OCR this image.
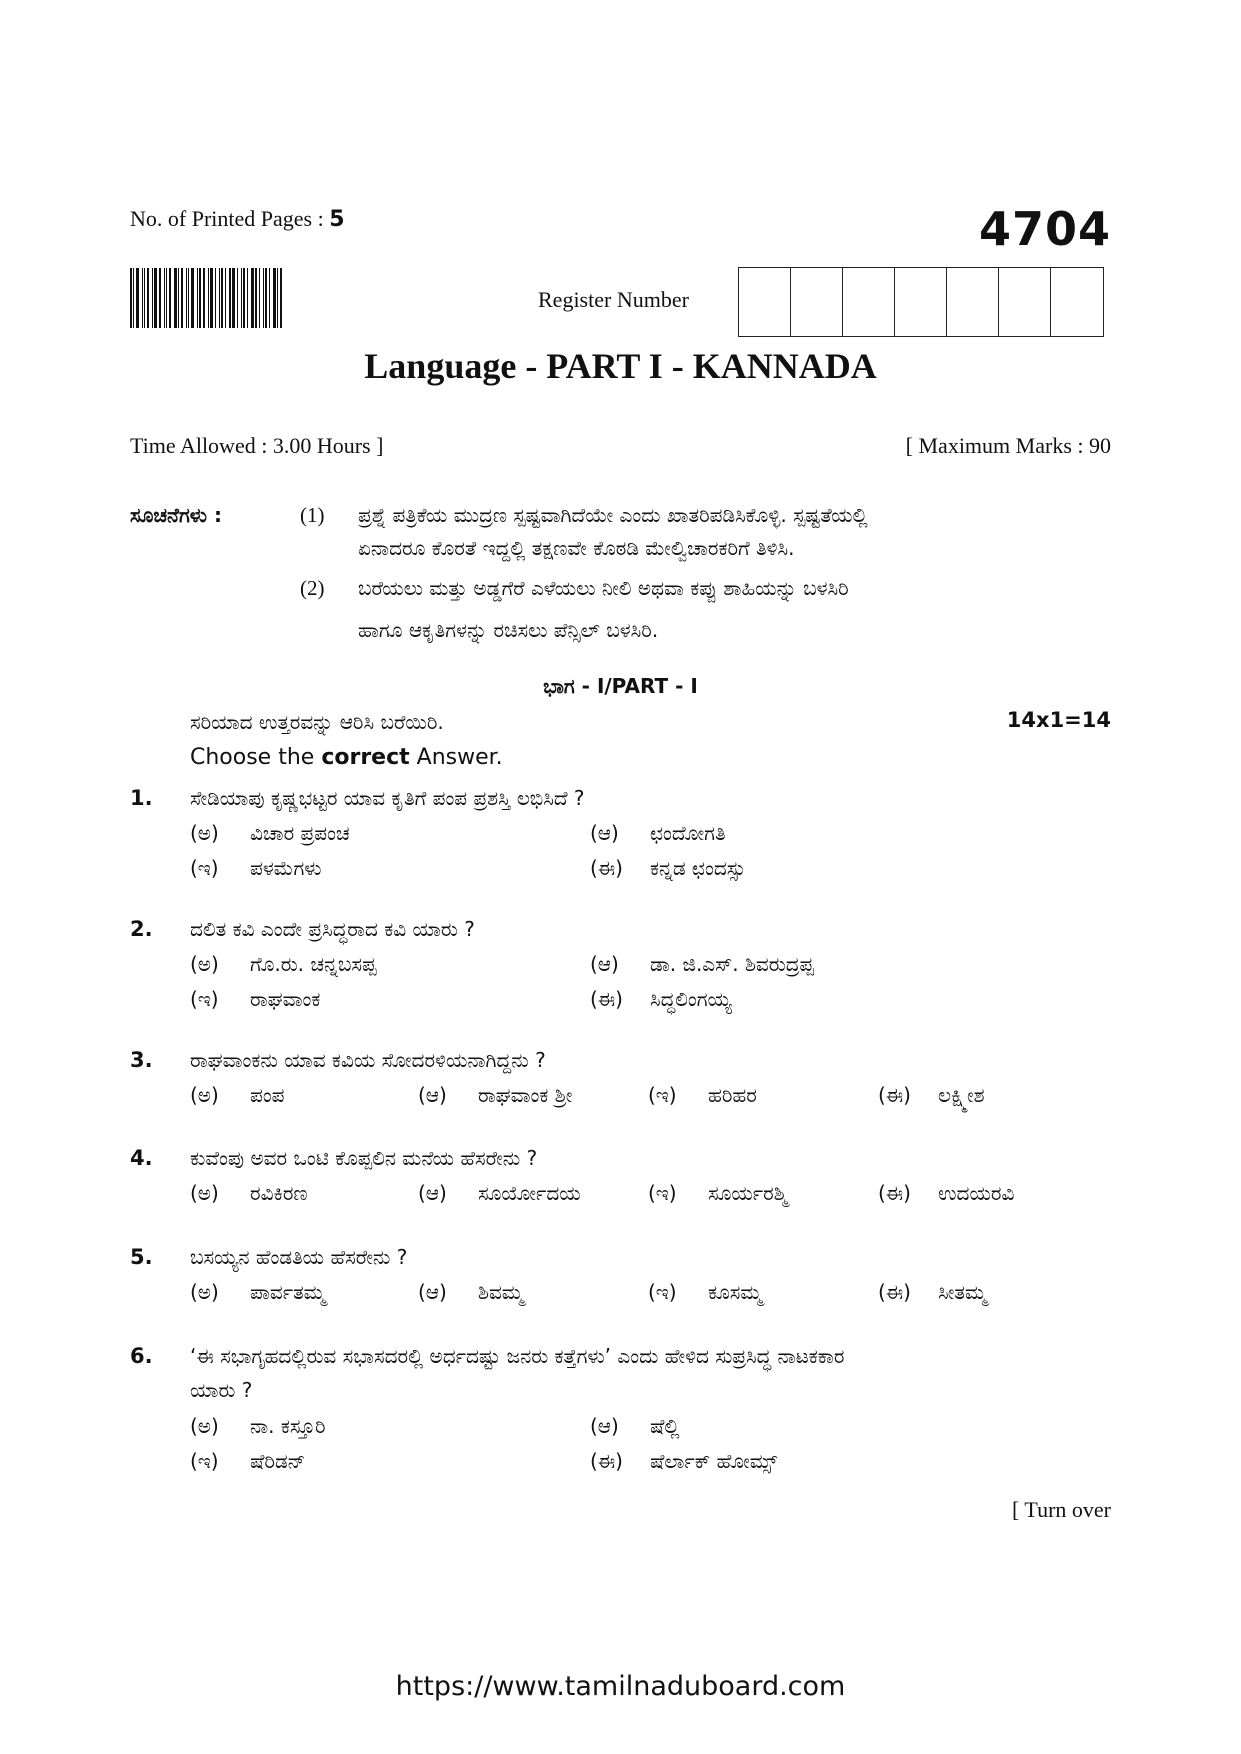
No. of Printed Pages : 5	4704
Register Number
Language - PART I - KANNADA
Time Allowed : 3.00 Hours ]	[ Maximum Marks : 90
ಸೂಚನೆಗಳು :	(1) ಪ್ರಶ್ನೆ ಪತ್ರಿಕೆಯ ಮುದ್ರಣ ಸ್ಪಷ್ಟವಾಗಿದೆಯೇ ಎಂದು ಖಾತರಿಪಡಿಸಿಕೊಳ್ಳಿ. ಸ್ಪಷ್ಟತೆಯಲ್ಲಿ
ಏನಾದರೂ ಕೊರತೆ ಇದ್ದಲ್ಲಿ ತಕ್ಷಣವೇ ಕೊಠಡಿ ಮೇಲ್ವಿಚಾರಕರಿಗೆ ತಿಳಿಸಿ.
(2) ಬರೆಯಲು ಮತ್ತು ಅಡ್ಡಗೆರೆ ಎಳೆಯಲು ನೀಲಿ ಅಥವಾ ಕಪ್ಪು ಶಾಹಿಯನ್ನು ಬಳಸಿರಿ
ಹಾಗೂ ಆಕೃತಿಗಳನ್ನು ರಚಿಸಲು ಪೆನ್ಸಿಲ್ ಬಳಸಿರಿ.
ಭಾಗ - I/PART - I
ಸರಿಯಾದ ಉತ್ತರವನ್ನು ಆರಿಸಿ ಬರೆಯಿರಿ.	14x1=14
Choose the correct Answer.
1. ಸೇಡಿಯಾಪು ಕೃಷ್ಣಭಟ್ಟರ ಯಾವ ಕೃತಿಗೆ ಪಂಪ ಪ್ರಶಸ್ತಿ ಲಭಿಸಿದೆ ?
(ಅ)	ವಿಚಾರ ಪ್ರಪಂಚ	(ಆ)	ಛಂದೋಗತಿ
(ಇ)	ಪಳಮೆಗಳು	(ಈ)	ಕನ್ನಡ ಛಂದಸ್ಸು
2. ದಲಿತ ಕವಿ ಎಂದೇ ಪ್ರಸಿದ್ಧರಾದ ಕವಿ ಯಾರು ?
(ಅ)	ಗೊ.ರು. ಚನ್ನಬಸಪ್ಪ	(ಆ)	ಡಾ. ಜಿ.ಎಸ್. ಶಿವರುದ್ರಪ್ಪ
(ಇ)	ರಾಘವಾಂಕ	(ಈ)	ಸಿದ್ಧಲಿಂಗಯ್ಯ
3. ರಾಘವಾಂಕನು ಯಾವ ಕವಿಯ ಸೋದರಳಿಯನಾಗಿದ್ದನು ?
(ಅ)	ಪಂಪ	(ಆ)	ರಾಘವಾಂಕ ಶ್ರೀ	(ಇ)	ಹರಿಹರ	(ಈ)	ಲಕ್ಷ್ಮೀಶ
4. ಕುವೆಂಪು ಅವರ ಒಂಟಿ ಕೊಪ್ಪಲಿನ ಮನೆಯ ಹೆಸರೇನು ?
(ಅ)	ರವಿಕಿರಣ	(ಆ)	ಸೂರ್ಯೋದಯ	(ಇ)	ಸೂರ್ಯರಶ್ಮಿ	(ಈ)	ಉದಯರವಿ
5. ಬಸಯ್ಯನ ಹೆಂಡತಿಯ ಹೆಸರೇನು ?
(ಅ)	ಪಾರ್ವತಮ್ಮ	(ಆ)	ಶಿವಮ್ಮ	(ಇ)	ಕೂಸಮ್ಮ	(ಈ)	ಸೀತಮ್ಮ
6. ‘ಈ ಸಭಾಗೃಹದಲ್ಲಿರುವ ಸಭಾಸದರಲ್ಲಿ ಅರ್ಧದಷ್ಟು ಜನರು ಕತ್ತೆಗಳು’ ಎಂದು ಹೇಳಿದ ಸುಪ್ರಸಿದ್ಧ ನಾಟಕಕಾರ
ಯಾರು ?
(ಅ)	ನಾ. ಕಸ್ತೂರಿ	(ಆ)	ಷೆಲ್ಲಿ
(ಇ)	ಷೆರಿಡನ್	(ಈ)	ಷೆರ್ಲಾಕ್ ಹೋಮ್ಸ್
[ Turn over
https://www.tamilnaduboard.com
